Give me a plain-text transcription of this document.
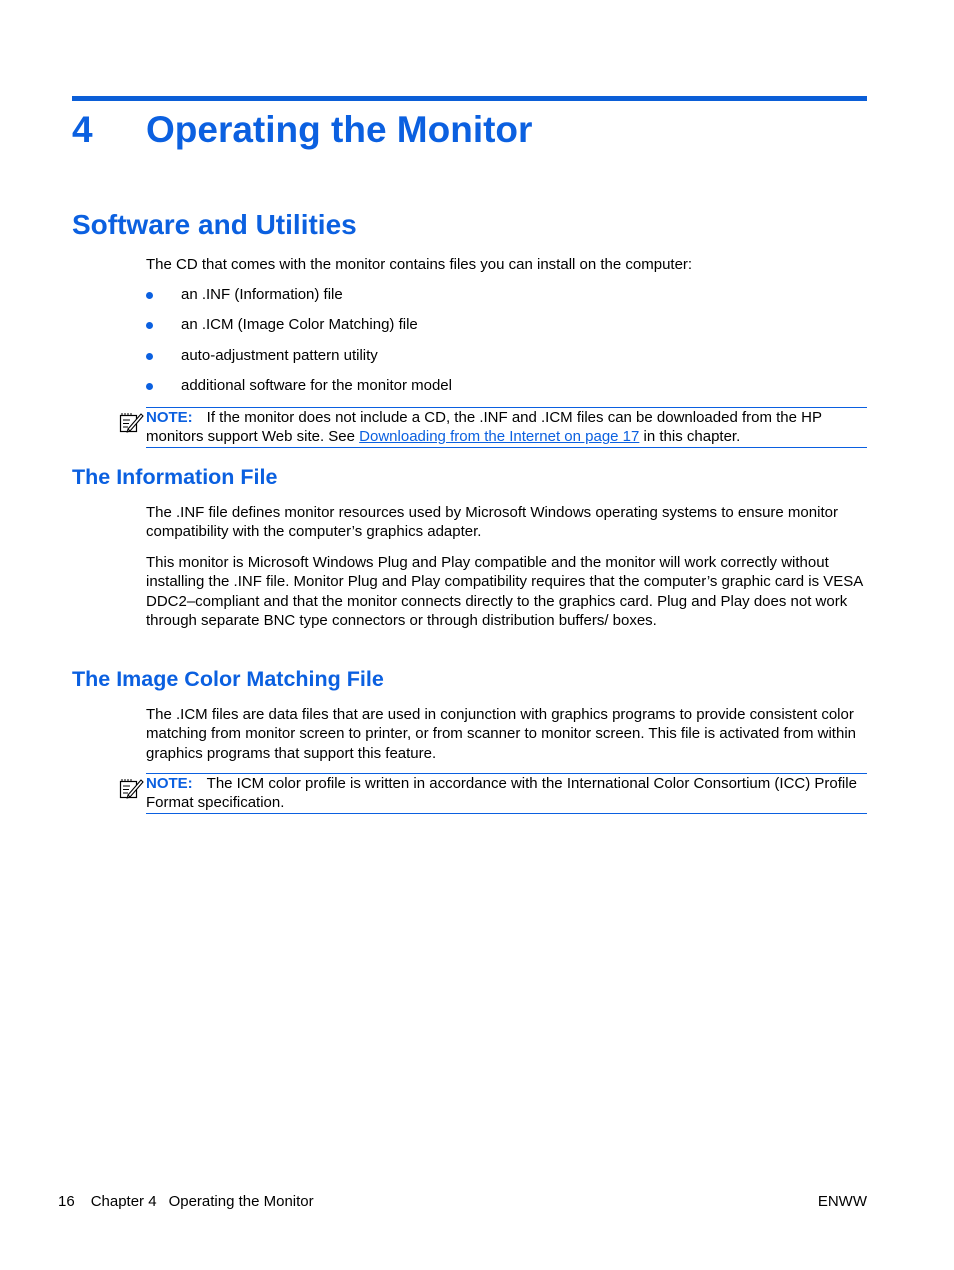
4 Operating the Monitor
Software and Utilities

The CD that comes with the monitor contains files you can install on the computer:

an .INF (Information) file
an .ICM (Image Color Matching) file
auto-adjustment pattern utility
additional software for the monitor model
NOTE: If the monitor does not include a CD, the .INF and .ICM files can be downloaded from the HP monitors support Web site. See Downloading from the Internet on page 17 in this chapter.
The Information File

The .INF file defines monitor resources used by Microsoft Windows operating systems to ensure monitor compatibility with the computer’s graphics adapter.

This monitor is Microsoft Windows Plug and Play compatible and the monitor will work correctly without installing the .INF file. Monitor Plug and Play compatibility requires that the computer’s graphic card is VESA DDC2–compliant and that the monitor connects directly to the graphics card. Plug and Play does not work through separate BNC type connectors or through distribution buffers/ boxes.

The Image Color Matching File

The .ICM files are data files that are used in conjunction with graphics programs to provide consistent color matching from monitor screen to printer, or from scanner to monitor screen. This file is activated from within graphics programs that support this feature.

NOTE: The ICM color profile is written in accordance with the International Color Consortium (ICC) Profile Format specification.
16 Chapter 4 Operating the Monitor	ENWW
